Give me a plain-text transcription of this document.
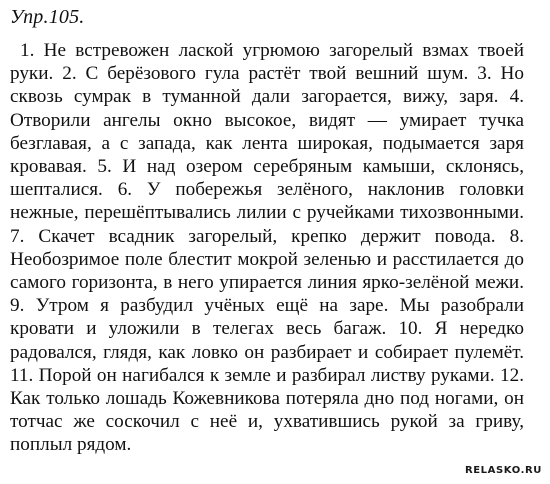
Упр.105.
1. Не встревожен лаской угрюмою загорелый взмах твоей руки. 2. С берёзового гула растёт твой вешний шум. 3. Но сквозь сумрак в туманной дали загорается, вижу, заря. 4. Отворили ангелы окно высокое, видят — умирает тучка безглавая, а с запада, как лента широкая, подымается заря кровавая. 5. И над озером серебряным камыши, склонясь, шепталися. 6. У побережья зелёного, наклонив головки нежные, перешёптывались лилии с ручейками тихозвонными. 7. Скачет всадник загорелый, крепко держит повода. 8. Необозримое поле блестит мокрой зеленью и расстилается до самого горизонта, в него упирается линия ярко-зелёной межи. 9. Утром я разбудил учёных ещё на заре. Мы разобрали кровати и уложили в телегах весь багаж. 10. Я нередко радовался, глядя, как ловко он разбирает и собирает пулемёт. 11. Порой он нагибался к земле и разбирал листву руками. 12. Как только лошадь Кожевникова потеряла дно под ногами, он тотчас же соскочил с неё и, ухватившись рукой за гриву, поплыл рядом.
RELASKO.RU
